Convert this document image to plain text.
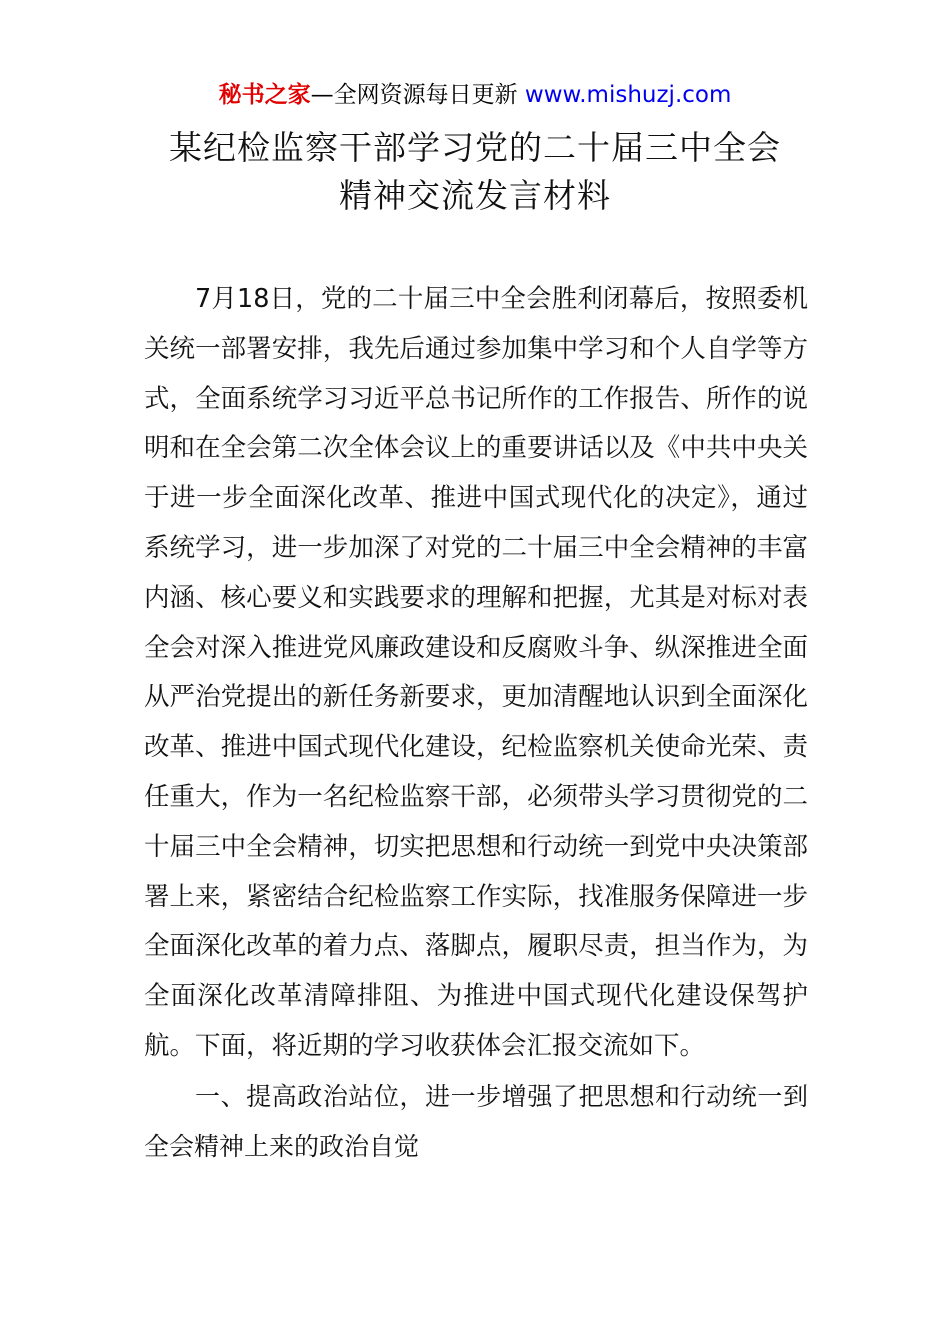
秘书之家—全网资源每日更新 www.mishuzj.com
某纪检监察干部学习党的二十届三中全会
精神交流发言材料

7月18日，党的二十届三中全会胜利闭幕后，按照委机关统一部署安排，我先后通过参加集中学习和个人自学等方式，全面系统学习习近平总书记所作的工作报告、所作的说明和在全会第二次全体会议上的重要讲话以及《中共中央关于进一步全面深化改革、推进中国式现代化的决定》，通过系统学习，进一步加深了对党的二十届三中全会精神的丰富内涵、核心要义和实践要求的理解和把握，尤其是对标对表全会对深入推进党风廉政建设和反腐败斗争、纵深推进全面从严治党提出的新任务新要求，更加清醒地认识到全面深化改革、推进中国式现代化建设，纪检监察机关使命光荣、责任重大，作为一名纪检监察干部，必须带头学习贯彻党的二十届三中全会精神，切实把思想和行动统一到党中央决策部署上来，紧密结合纪检监察工作实际，找准服务保障进一步全面深化改革的着力点、落脚点，履职尽责，担当作为，为全面深化改革清障排阻、为推进中国式现代化建设保驾护航。下面，将近期的学习收获体会汇报交流如下。

一、提高政治站位，进一步增强了把思想和行动统一到全会精神上来的政治自觉
